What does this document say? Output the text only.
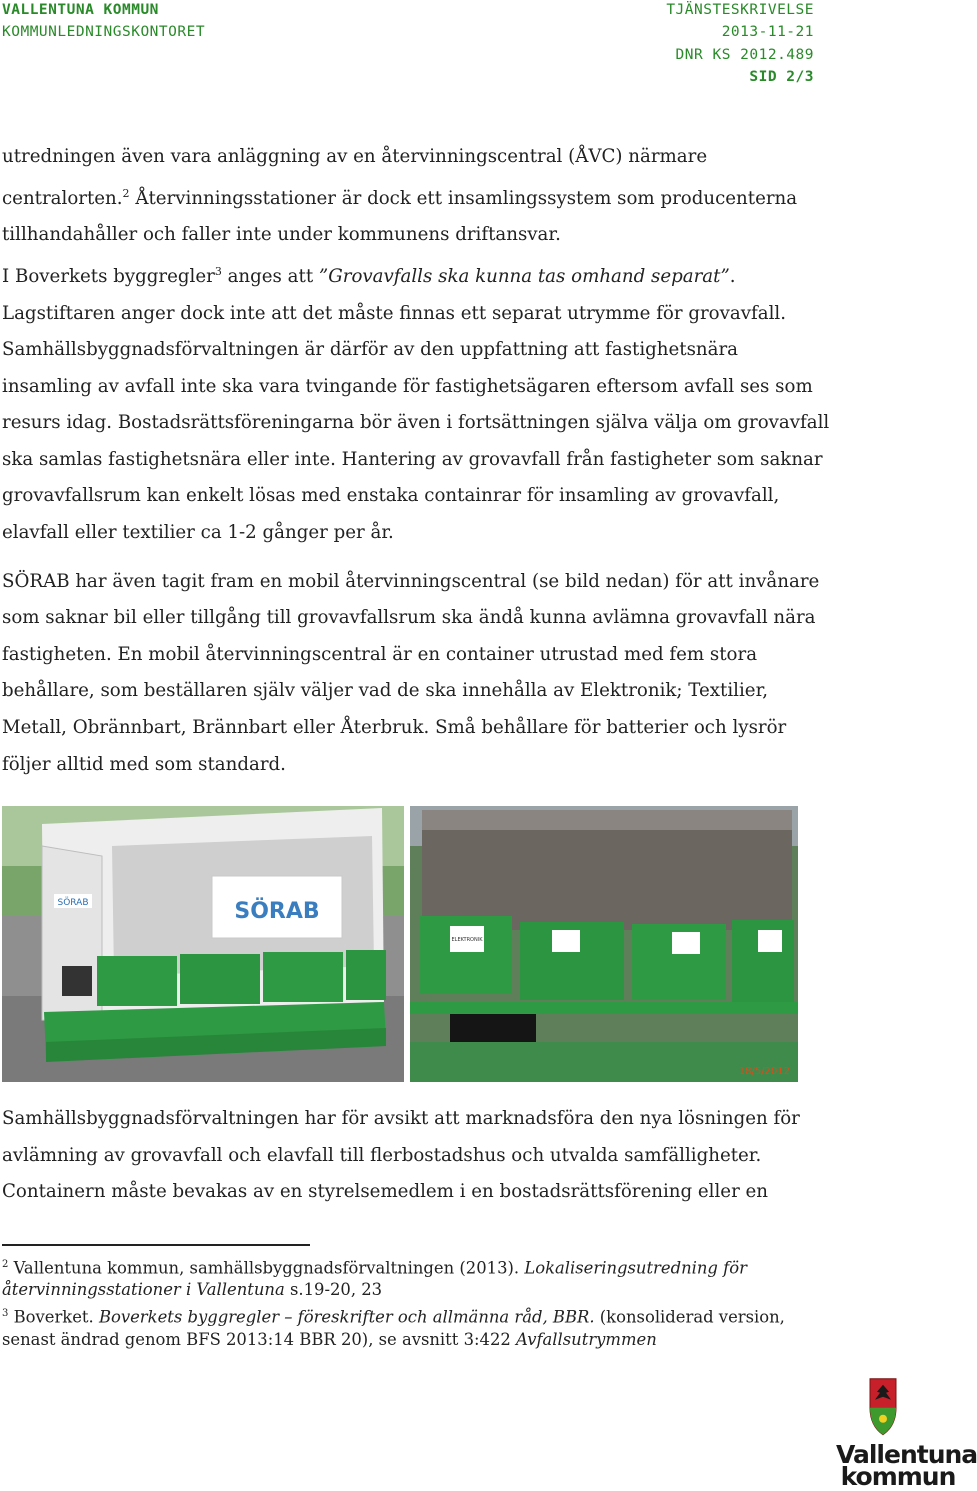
VALLENTUNA KOMMUN
KOMMUNLEDNINGSKONTORET
TJÄNSTESKRIVELSE
2013-11-21
DNR KS 2012.489
SID 2/3

utredningen även vara anläggning av en återvinningscentral (ÅVC) närmare centralorten.$^2$ Återvinningsstationer är dock ett insamlingssystem som producenterna tillhandahåller och faller inte under kommunens driftansvar.

I Boverkets byggregler$^3$ anges att ”Grovavfalls ska kunna tas omhand separat”. Lagstiftaren anger dock inte att det måste finnas ett separat utrymme för grovavfall. Samhällsbyggnadsförvaltningen är därför av den uppfattning att fastighetsnära insamling av avfall inte ska vara tvingande för fastighetsägaren eftersom avfall ses som resurs idag. Bostadsrättsföreningarna bör även i fortsättningen själva välja om grovavfall ska samlas fastighetsnära eller inte. Hantering av grovavfall från fastigheter som saknar grovavfallsrum kan enkelt lösas med enstaka containrar för insamling av grovavfall, elavfall eller textilier ca 1-2 gånger per år.

SÖRAB har även tagit fram en mobil återvinningscentral (se bild nedan) för att invånare som saknar bil eller tillgång till grovavfallsrum ska ändå kunna avlämna grovavfall nära fastigheten. En mobil återvinningscentral är en container utrustad med fem stora behållare, som beställaren själv väljer vad de ska innehålla av Elektronik; Textilier, Metall, Obrännbart, Brännbart eller Återbruk. Små behållare för batterier och lysrör följer alltid med som standard.

SÖRAB	SÖRAB
ELEKTRONIK
18/5/2012

Samhällsbyggnadsförvaltningen har för avsikt att marknadsföra den nya lösningen för avlämning av grovavfall och elavfall till flerbostadshus och utvalda samfälligheter. Containern måste bevakas av en styrelsemedlem i en bostadsrättsförening eller en

$^2$ Vallentuna kommun, samhällsbyggnadsförvaltningen (2013). Lokaliseringsutredning för återvinningsstationer i Vallentuna s.19-20, 23

$^3$ Boverket. Boverkets byggregler – föreskrifter och allmänna råd, BBR. (konsoliderad version, senast ändrad genom BFS 2013:14 BBR 20), se avsnitt 3:422 Avfallsutrymmen

Vallentuna
kommun
